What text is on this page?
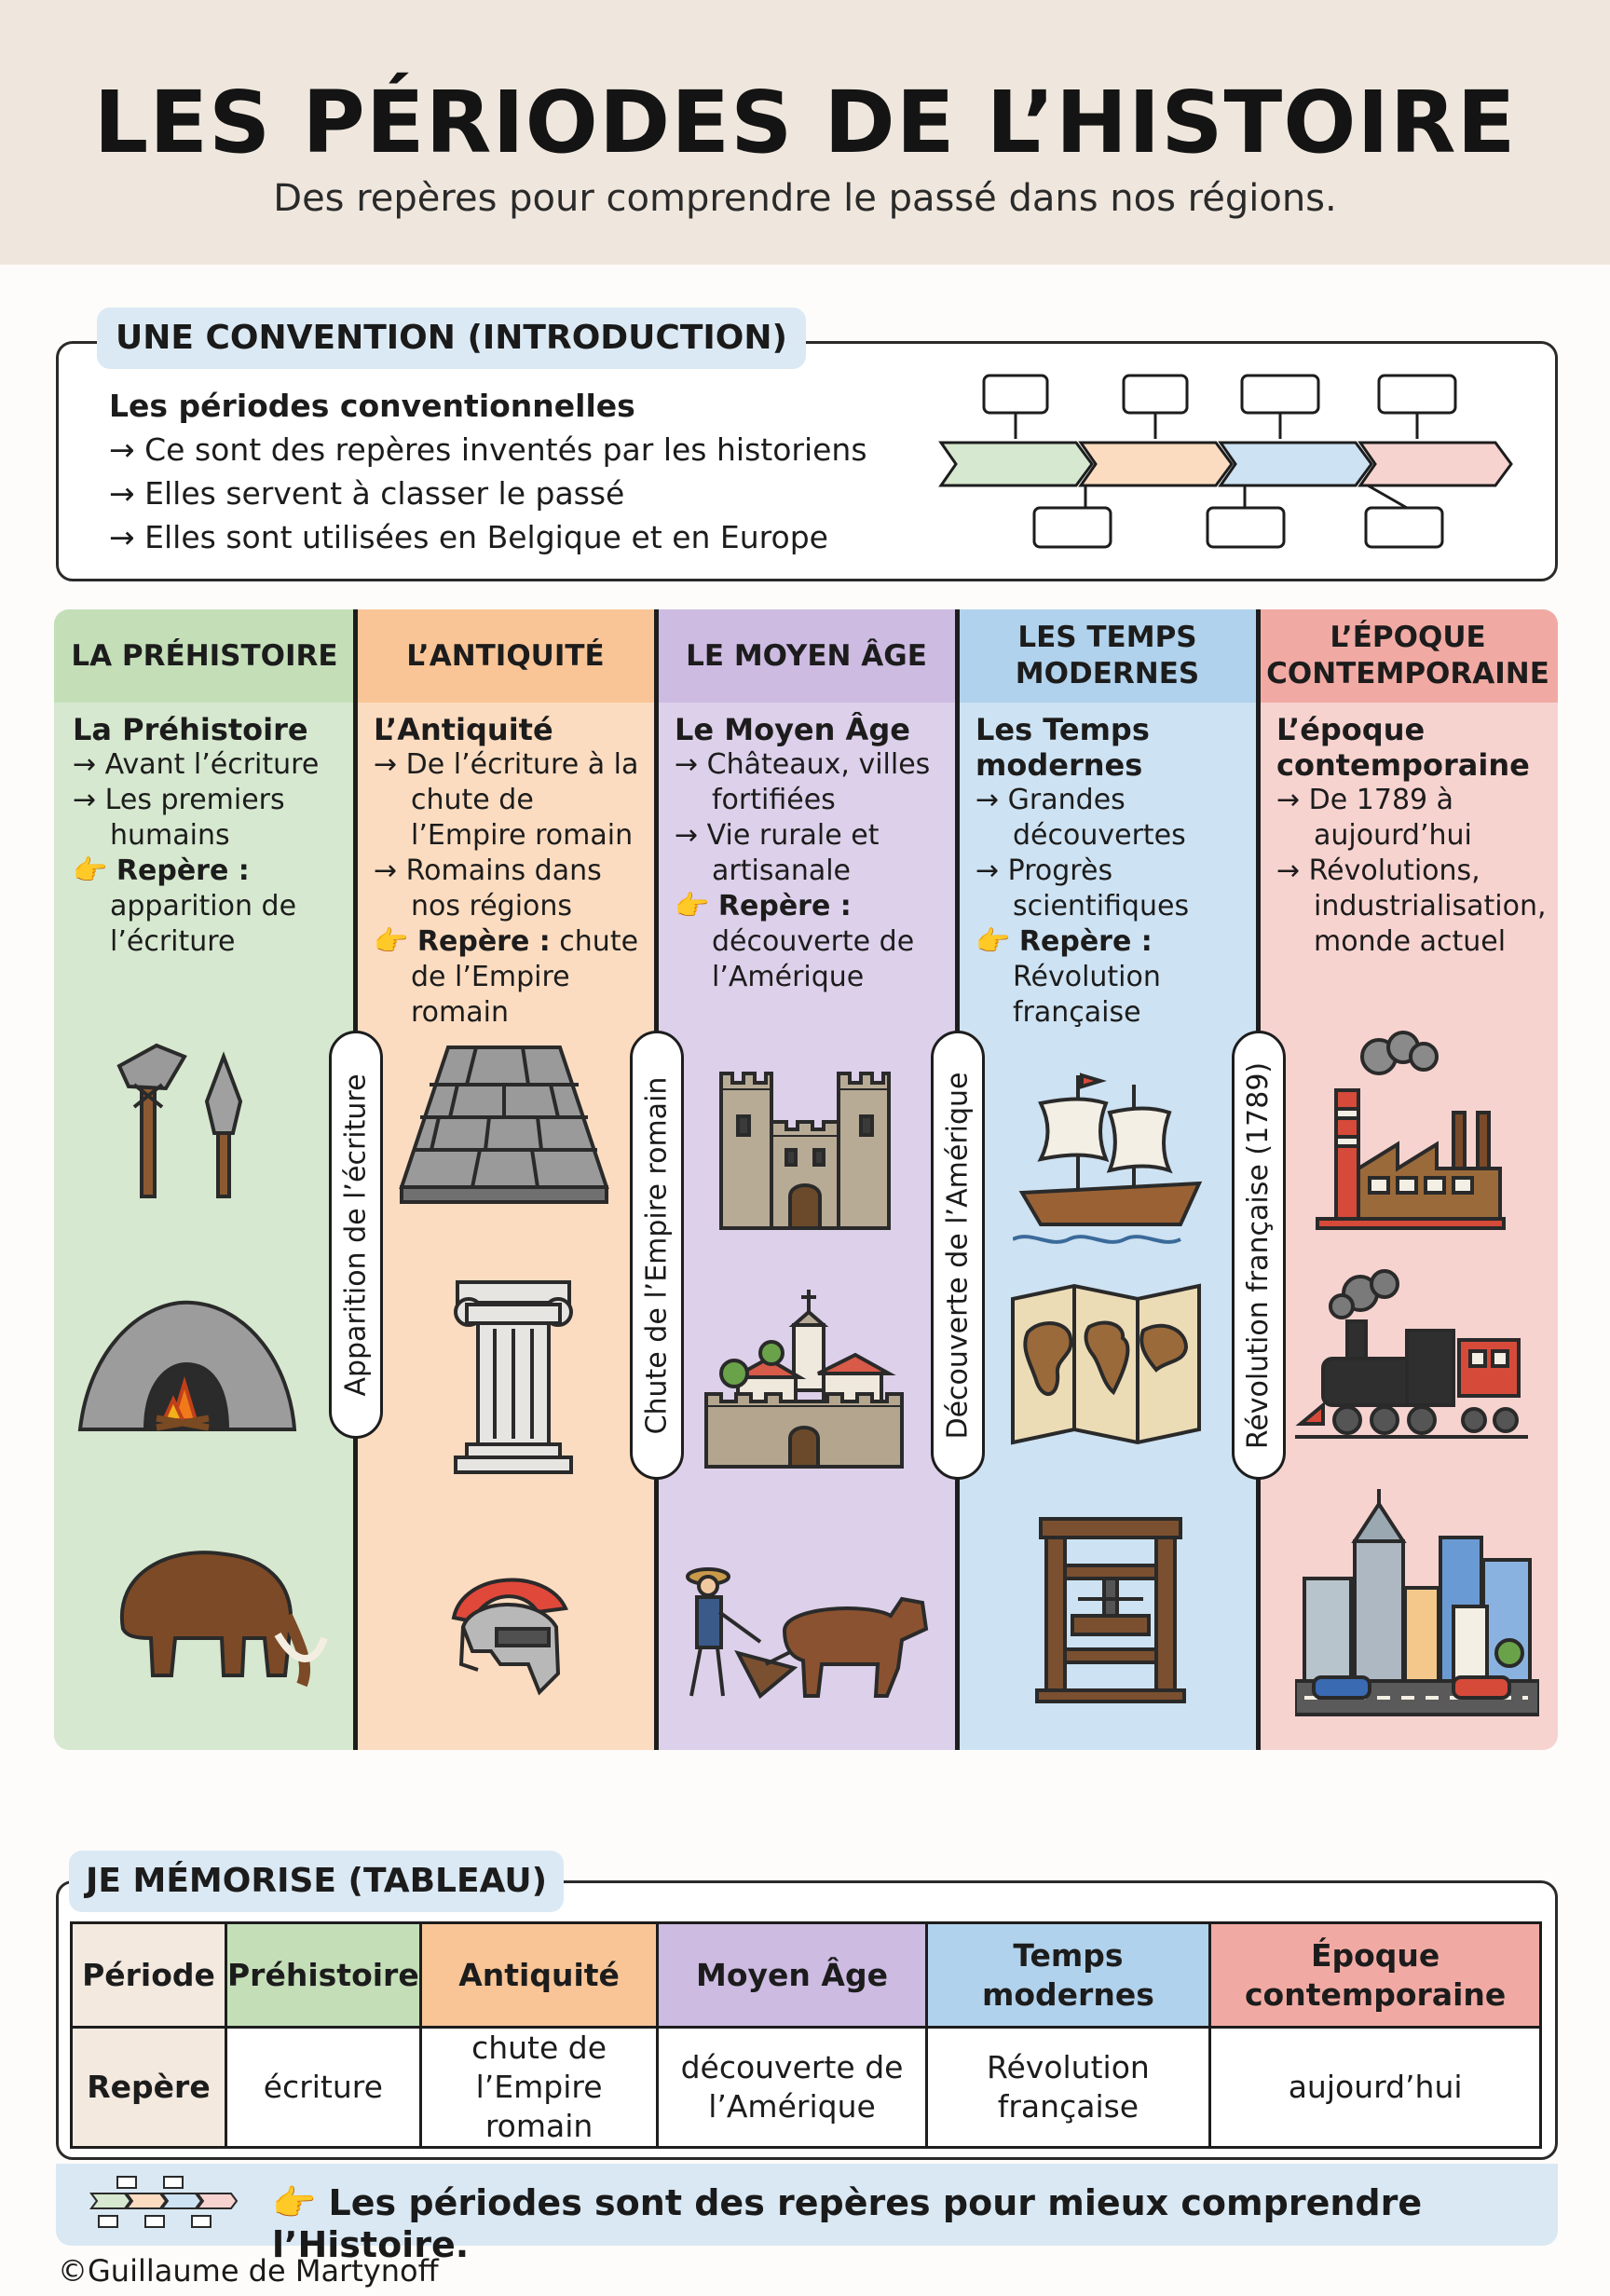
LES PÉRIODES DE L’HISTOIRE
Des repères pour comprendre le passé dans nos régions.
UNE CONVENTION (INTRODUCTION)
Les périodes conventionnelles
→ Ce sont des repères inventés par les historiens
→ Elles servent à classer le passé
→ Elles sont utilisées en Belgique et en Europe
LA PRÉHISTOIRE
La Préhistoire
→ Avant l’écriture
→ Les premiers humains
👉 Repère : apparition de l’écriture
L’ANTIQUITÉ
L’Antiquité
→ De l’écriture à la chute de l’Empire romain
→ Romains dans nos régions
👉 Repère : chute de l’Empire romain
LE MOYEN ÂGE
Le Moyen Âge
→ Châteaux, villes fortifiées
→ Vie rurale et artisanale
👉 Repère : découverte de l’Amérique
LES TEMPS MODERNES
Les Temps modernes
→ Grandes découvertes
→ Progrès scientifiques
👉 Repère : Révolution française
L’ÉPOQUE CONTEMPORAINE
L’époque contemporaine
→ De 1789 à aujourd’hui
→ Révolutions, industrialisation, monde actuel
Apparition de l’écriture	Chute de l’Empire romain	Découverte de l’Amérique	Révolution française (1789)
JE MÉMORISE (TABLEAU)
Période	Préhistoire	Antiquité	Moyen Âge	Temps modernes	Époque contemporaine
Repère	écriture	chute de l’Empire romain	découverte de l’Amérique	Révolution française	aujourd’hui
👉 Les périodes sont des repères pour mieux comprendre l’Histoire.
©Guillaume de Martynoff
